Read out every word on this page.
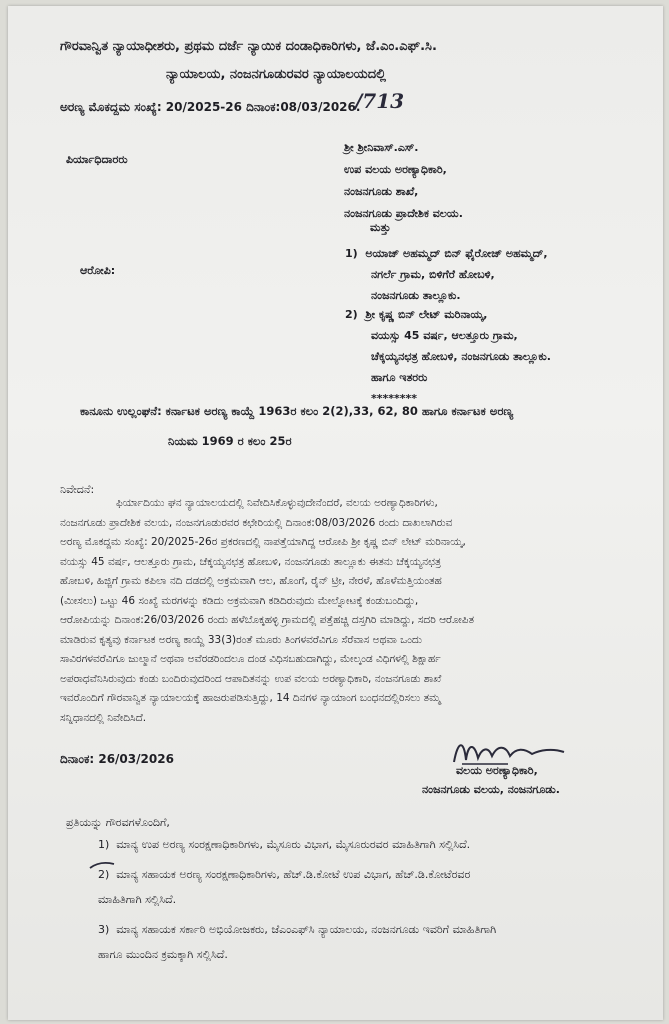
ಗೌರವಾನ್ವಿತ ನ್ಯಾಯಾಧೀಶರು, ಪ್ರಥಮ ದರ್ಜೆ ನ್ಯಾಯಿಕ ದಂಡಾಧಿಕಾರಿಗಳು, ಜೆ.ಎಂ.ಎಫ್.ಸಿ.
ನ್ಯಾಯಾಲಯ, ನಂಜನಗೂಡುರವರ ನ್ಯಾಯಾಲಯದಲ್ಲಿ
ಅರಣ್ಯ ಮೊಕದ್ದಮ ಸಂಖ್ಯೆ: 20/2025-26 ದಿನಾಂಕ:08/03/2026.
/713
ಪಿರ್ಯಾಧಿದಾರರು
ಶ್ರೀ ಶ್ರೀನಿವಾಸ್.ಎಸ್.
ಉಪ ವಲಯ ಅರಣ್ಯಾಧಿಕಾರಿ,
ನಂಜನಗೂಡು ಶಾಖೆ,
ನಂಜನಗೂಡು ಪ್ರಾದೇಶಿಕ ವಲಯ.
ಮತ್ತು
ಆರೋಪಿ:
1) ಅಯಾಜ್ ಅಹಮ್ಮದ್ ಬಿನ್ ಫೈರೋಜ್ ಅಹಮ್ಮದ್,
ನಗರ್ಲೆ ಗ್ರಾಮ, ಬಿಳಿಗೆರೆ ಹೋಬಳಿ,
ನಂಜನಗೂಡು ತಾಲ್ಲೂಕು.
2) ಶ್ರೀ ಕೃಷ್ಣ ಬಿನ್ ಲೇಟ್ ಮರಿನಾಯ್ಕ,
ವಯಸ್ಸು 45 ವರ್ಷ, ಆಲತ್ತೂರು ಗ್ರಾಮ,
ಚೆಕ್ಕಯ್ಯನಛತ್ರ ಹೋಬಳಿ, ನಂಜನಗೂಡು ತಾಲ್ಲೂಕು.
ಹಾಗೂ ಇತರರು
********
ಕಾನೂನು ಉಲ್ಲಂಘನೆ: ಕರ್ನಾಟಕ ಅರಣ್ಯ ಕಾಯ್ದೆ 1963ರ ಕಲಂ 2(2),33, 62, 80 ಹಾಗೂ ಕರ್ನಾಟಕ ಅರಣ್ಯ
ನಿಯಮ 1969 ರ ಕಲಂ 25ರ
ನಿವೇದನೆ:
ಫಿರ್ಯಾದಿಯು ಘನ ನ್ಯಾಯಾಲಯದಲ್ಲಿ ನಿವೇದಿಸಿಕೊಳ್ಳುವುದೇನೆಂದರೆ, ವಲಯ ಅರಣ್ಯಾಧಿಕಾರಿಗಳು,
ನಂಜನಗೂಡು ಪ್ರಾದೇಶಿಕ ವಲಯ, ನಂಜನಗೂಡುರವರ ಕಛೇರಿಯಲ್ಲಿ ದಿನಾಂಕ:08/03/2026 ರಂದು ದಾಖಲಾಗಿರುವ
ಅರಣ್ಯ ಮೊಕದ್ದಮ ಸಂಖ್ಯೆ: 20/2025-26ರ ಪ್ರಕರಣದಲ್ಲಿ ನಾಪತ್ತೆಯಾಗಿದ್ದ ಆರೋಪಿ ಶ್ರೀ ಕೃಷ್ಣ ಬಿನ್ ಲೇಟ್ ಮರಿನಾಯ್ಕ,
ವಯಸ್ಸು 45 ವರ್ಷ, ಆಲತ್ತೂರು ಗ್ರಾಮ, ಚೆಕ್ಕಯ್ಯನಛತ್ರ ಹೋಬಳಿ, ನಂಜನಗೂಡು ತಾಲ್ಲೂಕು ಈತನು ಚೆಕ್ಕಯ್ಯನಛತ್ರ
ಹೋಬಳಿ, ಹಿಜ್ಜಿಗೆ ಗ್ರಾಮ ಕಪಿಲಾ ನದಿ ದಡದಲ್ಲಿ ಅಕ್ರಮವಾಗಿ ಆಲ, ಹೊಂಗೆ, ರೈನ್ ಟ್ರೀ, ನೇರಳೆ, ಹೊಳೆಮತ್ತಿಯಂತಹ
(ಮೀಸಲು) ಒಟ್ಟು 46 ಸಂಖ್ಯೆ ಮರಗಳನ್ನು ಕಡಿದು ಅಕ್ರಮವಾಗಿ ಕಡಿದಿರುವುದು ಮೇಲ್ನೋಟಕ್ಕೆ ಕಂಡುಬಂದಿದ್ದು,
ಆರೋಪಿಯನ್ನು ದಿನಾಂಕ:26/03/2026 ರಂದು ಹಳೆಬೊಕ್ಕಹಳ್ಳಿ ಗ್ರಾಮದಲ್ಲಿ ಪತ್ತೆಹಚ್ಚಿ ದಸ್ತಗಿರಿ ಮಾಡಿದ್ದು, ಸದರಿ ಆರೋಪಿತ
ಮಾಡಿರುವ ಕೃತ್ಯವು ಕರ್ನಾಟಕ ಅರಣ್ಯ ಕಾಯ್ದೆ 33(3)ರಂತೆ ಮೂರು ತಿಂಗಳವರೆವಿಗೂ ಸೆರೆವಾಸ ಅಥವಾ ಒಂದು
ಸಾವಿರಗಳವರೆವಿಗೂ ಜುಲ್ಮಾನೆ ಅಥವಾ ಅವೆರಡರಿಂದಲೂ ದಂಡ ವಿಧಿಸಬಹುದಾಗಿದ್ದು, ಮೇಲ್ಕಂಡ ವಿಧಿಗಳಲ್ಲಿ ಶಿಕ್ಷಾರ್ಹ
ಅಪರಾಧವೆನಿಸಿರುವುದು ಕಂಡು ಬಂದಿರುವುದರಿಂದ ಆಪಾದಿತನನ್ನು ಉಪ ವಲಯ ಅರಣ್ಯಾಧಿಕಾರಿ, ನಂಜನಗೂಡು ಶಾಖೆ
ಇವರೊಂದಿಗೆ ಗೌರವಾನ್ವಿತ ನ್ಯಾಯಾಲಯಕ್ಕೆ ಹಾಜರುಪಡಿಸುತ್ತಿದ್ದು, 14 ದಿನಗಳ ನ್ಯಾಯಾಂಗ ಬಂಧನದಲ್ಲಿರಿಸಲು ತಮ್ಮ
ಸನ್ನಿಧಾನದಲ್ಲಿ ನಿವೇದಿಸಿದೆ.
ದಿನಾಂಕ: 26/03/2026
ವಲಯ ಅರಣ್ಯಾಧಿಕಾರಿ,
ನಂಜನಗೂಡು ವಲಯ, ನಂಜನಗೂಡು.
ಪ್ರತಿಯನ್ನು ಗೌರವಗಳೊಂದಿಗೆ,
1) ಮಾನ್ಯ ಉಪ ಅರಣ್ಯ ಸಂರಕ್ಷಣಾಧಿಕಾರಿಗಳು, ಮೈಸೂರು ವಿಭಾಗ, ಮೈಸೂರುರವರ ಮಾಹಿತಿಗಾಗಿ ಸಲ್ಲಿಸಿದೆ.
2) ಮಾನ್ಯ ಸಹಾಯಕ ಅರಣ್ಯ ಸಂರಕ್ಷಣಾಧಿಕಾರಿಗಳು, ಹೆಚ್.ಡಿ.ಕೋಟೆ ಉಪ ವಿಭಾಗ, ಹೆಚ್.ಡಿ.ಕೋಟೆರವರ
ಮಾಹಿತಿಗಾಗಿ ಸಲ್ಲಿಸಿದೆ.
3) ಮಾನ್ಯ ಸಹಾಯಕ ಸರ್ಕಾರಿ ಅಭಿಯೋಜಕರು, ಜೆಎಂಎಫ್‌ಸಿ ನ್ಯಾಯಾಲಯ, ನಂಜನಗೂಡು ಇವರಿಗೆ ಮಾಹಿತಿಗಾಗಿ
ಹಾಗೂ ಮುಂದಿನ ಕ್ರಮಕ್ಕಾಗಿ ಸಲ್ಲಿಸಿದೆ.
